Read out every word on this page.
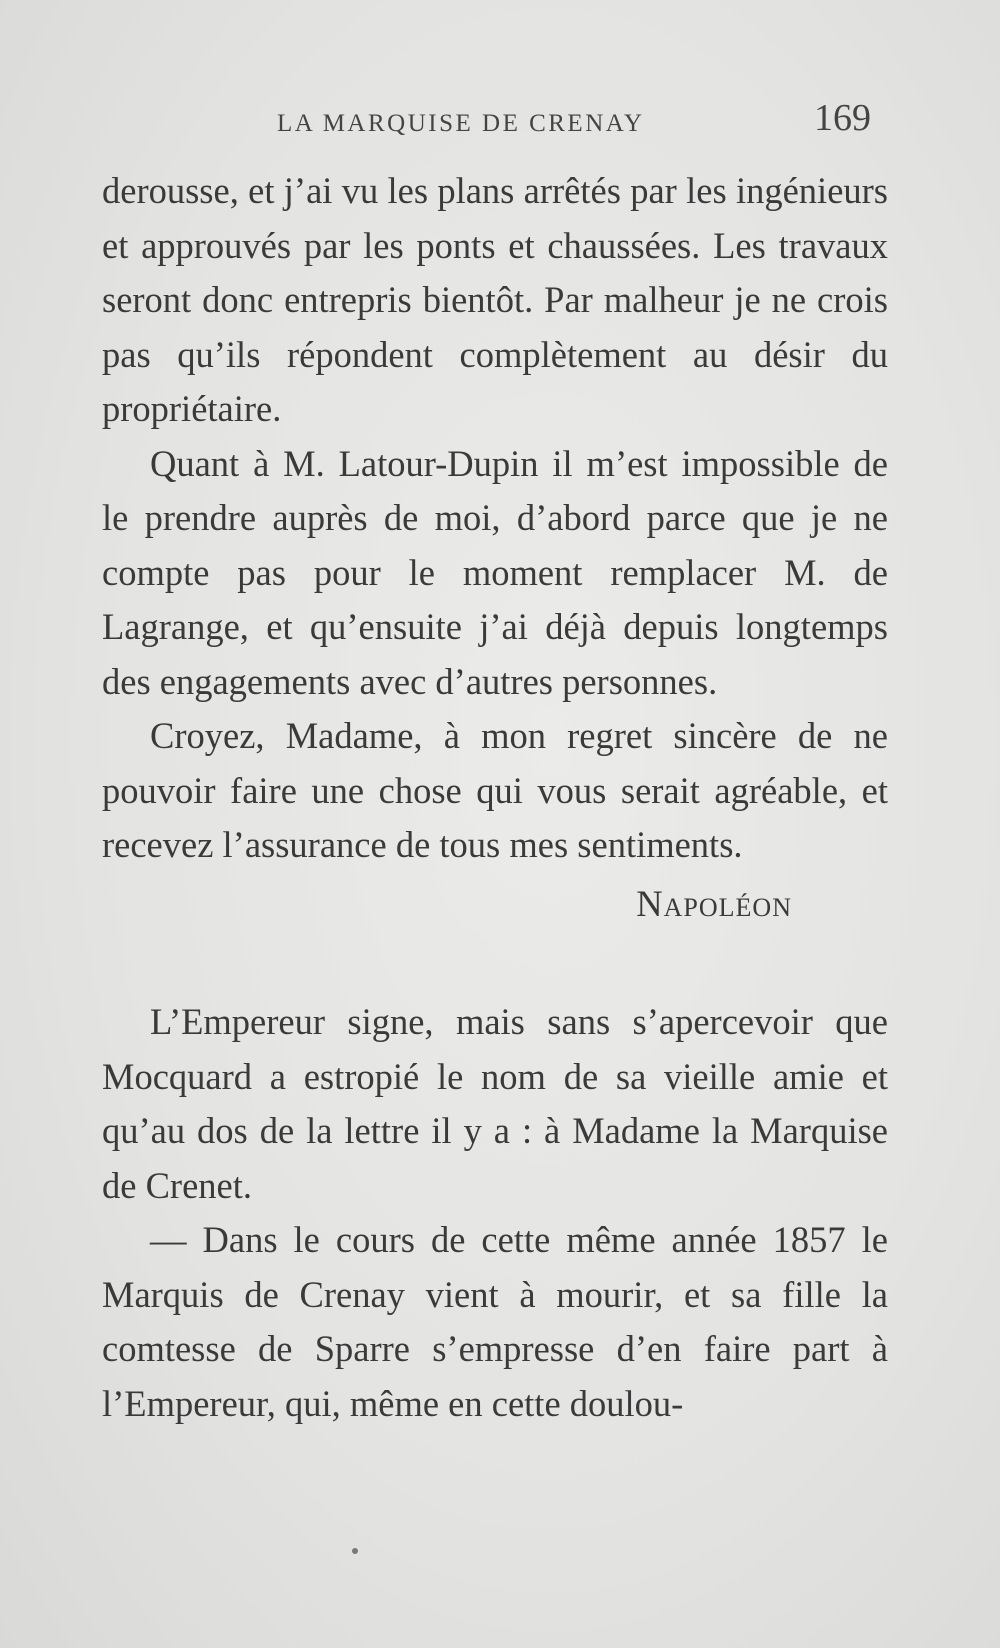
LA MARQUISE DE CRENAY	169

derousse, et j’ai vu les plans arrêtés par les ingénieurs et approuvés par les ponts et chaussées. Les travaux seront donc entrepris bientôt. Par malheur je ne crois pas qu’ils répondent complètement au désir du propriétaire.

Quant à M. Latour-Dupin il m’est impossible de le prendre auprès de moi, d’abord parce que je ne compte pas pour le moment remplacer M. de Lagrange, et qu’ensuite j’ai déjà depuis longtemps des engagements avec d’autres personnes.

Croyez, Madame, à mon regret sincère de ne pouvoir faire une chose qui vous serait agréable, et recevez l’assurance de tous mes sentiments.

Napoléon

L’Empereur signe, mais sans s’apercevoir que Mocquard a estropié le nom de sa vieille amie et qu’au dos de la lettre il y a : à Madame la Marquise de Crenet.

— Dans le cours de cette même année 1857 le Marquis de Crenay vient à mourir, et sa fille la comtesse de Sparre s’empresse d’en faire part à l’Empereur, qui, même en cette doulou-
